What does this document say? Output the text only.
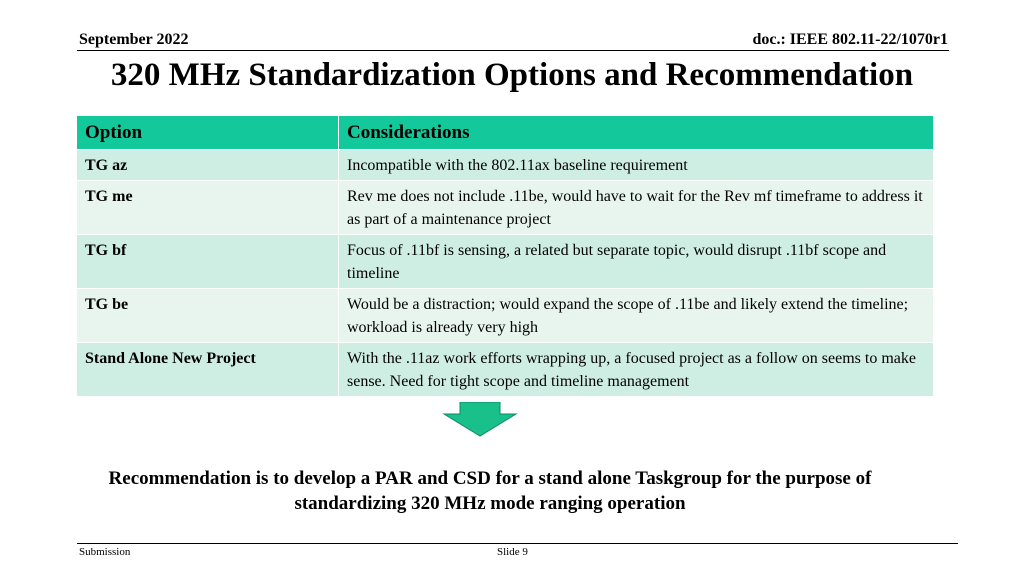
September 2022	doc.: IEEE 802.11-22/1070r1
320 MHz Standardization Options and Recommendation
Option	Considerations
TG az	Incompatible with the 802.11ax baseline requirement
TG me	Rev me does not include .11be, would have to wait for the Rev mf timeframe to address it as part of a maintenance project
TG bf	Focus of .11bf is sensing, a related but separate topic, would disrupt .11bf scope and timeline
TG be	Would be a distraction; would expand the scope of .11be and likely extend the timeline; workload is already very high
Stand Alone New Project	With the .11az work efforts wrapping up, a focused project as a follow on seems to make sense. Need for tight scope and timeline management
Recommendation is to develop a PAR and CSD for a stand alone Taskgroup for the purpose of standardizing 320 MHz mode ranging operation
Submission	Slide 9
